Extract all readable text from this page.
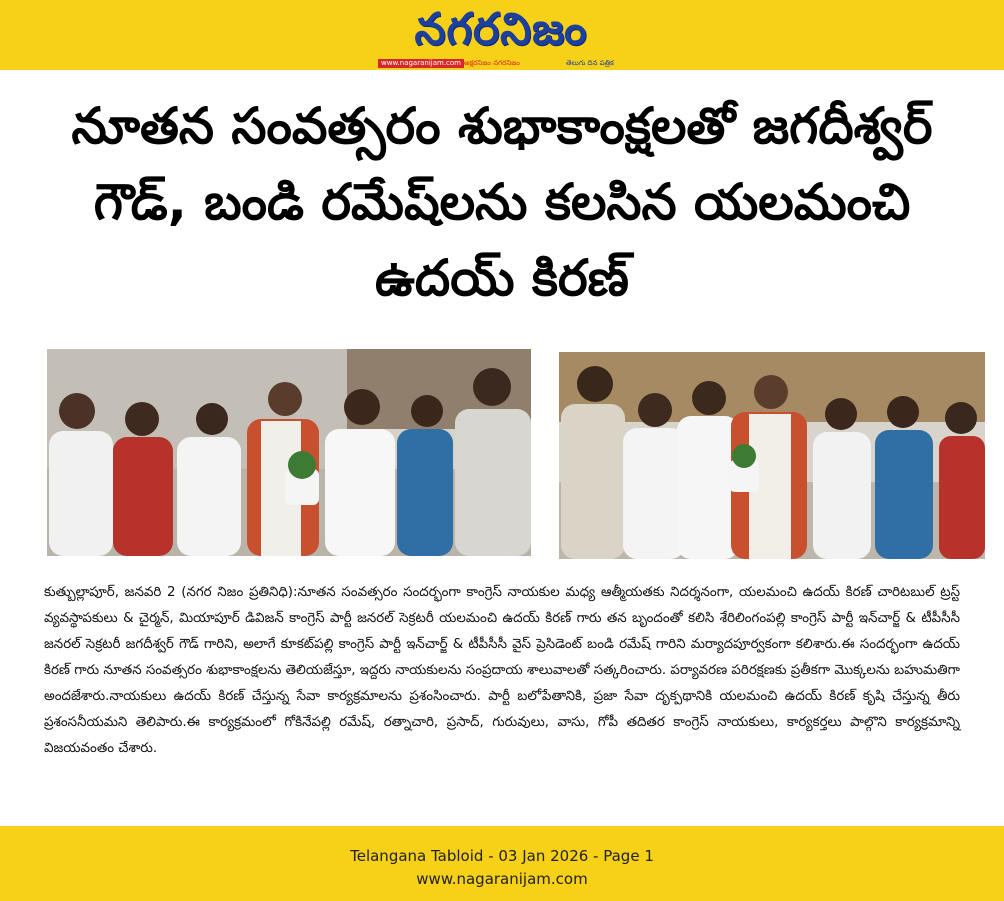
నగరనిజం
www.nagaranijam.com అక్షరనిజం నగరనిజం	తెలుగు దిన పత్రిక
నూతన సంవత్సరం శుభాకాంక్షలతో జగదీశ్వర్ గౌడ్, బండి రమేష్‌లను కలసిన యలమంచి ఉదయ్ కిరణ్

కుత్బుల్లాపూర్, జనవరి 2 (నగర నిజం ప్రతినిధి):నూతన సంవత్సరం సందర్భంగా కాంగ్రెస్ నాయకుల మధ్య ఆత్మీయతకు నిదర్శనంగా, యలమంచి ఉదయ్ కిరణ్ చారిటబుల్ ట్రస్ట్ వ్యవస్థాపకులు & చైర్మన్, మియాపూర్ డివిజన్ కాంగ్రెస్ పార్టీ జనరల్ సెక్రటరీ యలమంచి ఉదయ్ కిరణ్ గారు తన బృందంతో కలిసి శేరిలింగంపల్లి కాంగ్రెస్ పార్టీ ఇన్‌చార్జ్ & టీపీసీసీ జనరల్ సెక్రటరీ జగదీశ్వర్ గౌడ్ గారిని, అలాగే కూకట్‌పల్లి కాంగ్రెస్ పార్టీ ఇన్‌చార్జ్ & టీపీసీసీ వైస్ ప్రెసిడెంట్ బండి రమేష్ గారిని మర్యాదపూర్వకంగా కలిశారు.ఈ సందర్భంగా ఉదయ్ కిరణ్ గారు నూతన సంవత్సరం శుభాకాంక్షలను తెలియజేస్తూ, ఇద్దరు నాయకులను సంప్రదాయ శాలువాలతో సత్కరించారు. పర్యావరణ పరిరక్షణకు ప్రతీకగా మొక్కలను బహుమతిగా అందజేశారు.నాయకులు ఉదయ్ కిరణ్ చేస్తున్న సేవా కార్యక్రమాలను ప్రశంసించారు. పార్టీ బలోపేతానికి, ప్రజా సేవా దృక్పథానికి యలమంచి ఉదయ్ కిరణ్ కృషి చేస్తున్న తీరు ప్రశంసనీయమని తెలిపారు.ఈ కార్యక్రమంలో గోకినేపల్లి రమేష్, రత్నాచారి, ప్రసాద్, గురువులు, వాసు, గోపీ తదితర కాంగ్రెస్ నాయకులు, కార్యకర్తలు పాల్గొని కార్యక్రమాన్ని విజయవంతం చేశారు.

Telangana Tabloid - 03 Jan 2026 - Page 1
www.nagaranijam.com
